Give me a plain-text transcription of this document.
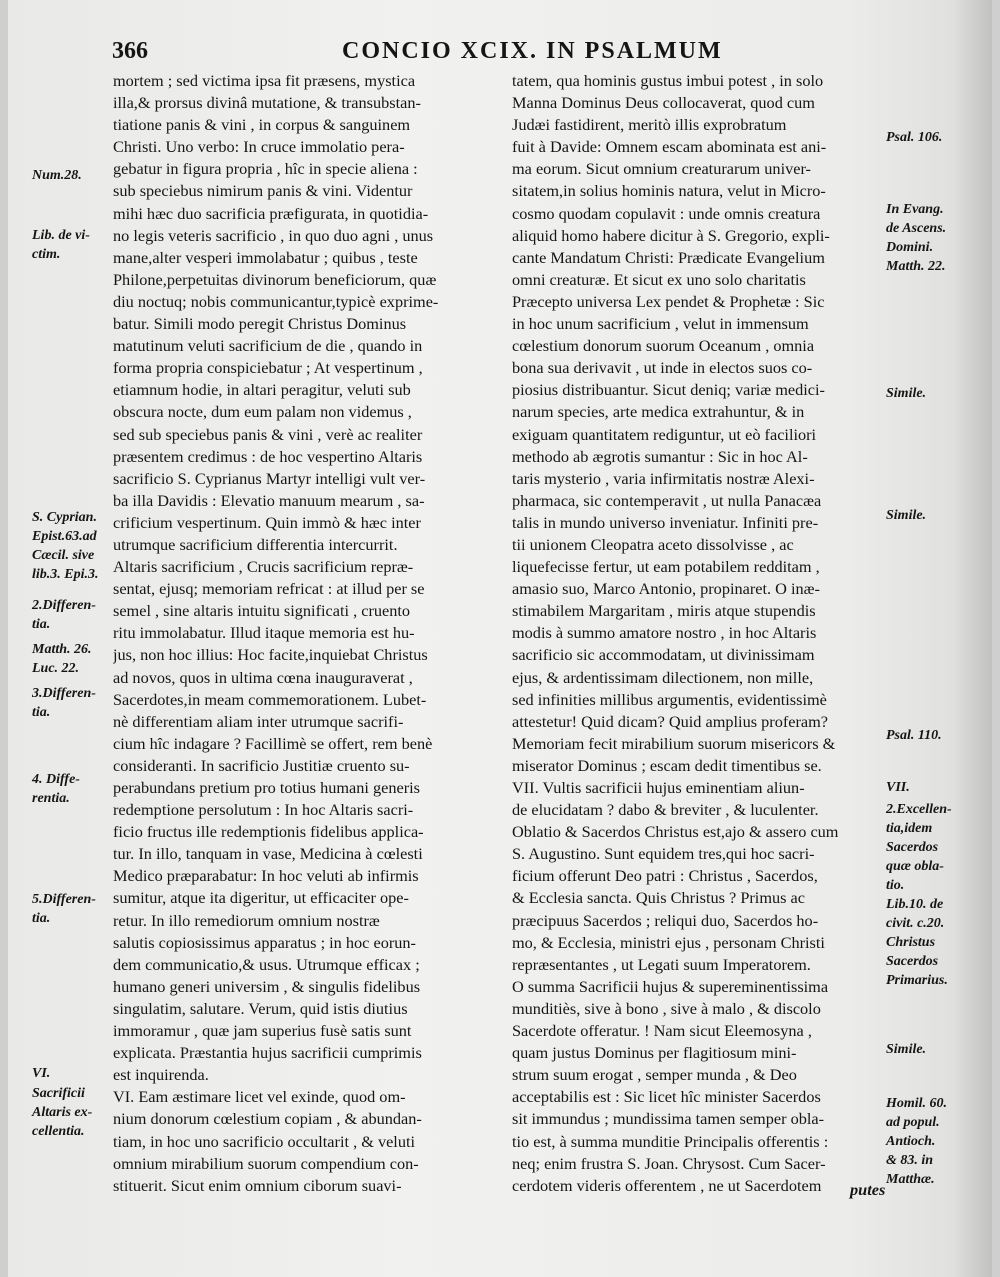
366	CONCIO XCIX. IN PSALMUM
mortem ; sed victima ipsa fit præsens, mystica
illa,& prorsus divinâ mutatione, & transubstan-
tiatione panis & vini , in corpus & sanguinem
Christi. Uno verbo: In cruce immolatio pera-
gebatur in figura propria , hîc in specie aliena :
sub speciebus nimirum panis & vini. Videntur
mihi hæc duo sacrificia præfigurata, in quotidia-
no legis veteris sacrificio , in quo duo agni , unus
mane,alter vesperi immolabatur ; quibus , teste
Philone,perpetuitas divinorum beneficiorum, quæ
diu noctuq; nobis communicantur,typicè exprime-
batur. Simili modo peregit Christus Dominus
matutinum veluti sacrificium de die , quando in
forma propria conspiciebatur ; At vespertinum ,
etiamnum hodie, in altari peragitur, veluti sub
obscura nocte, dum eum palam non videmus ,
sed sub speciebus panis & vini , verè ac realiter
præsentem credimus : de hoc vespertino Altaris
sacrificio S. Cyprianus Martyr intelligi vult ver-
ba illa Davidis : Elevatio manuum mearum , sa-
crificium vespertinum. Quin immò & hæc inter
utrumque sacrificium differentia intercurrit.
Altaris sacrificium , Crucis sacrificium repræ-
sentat, ejusq; memoriam refricat : at illud per se
semel , sine altaris intuitu significati , cruento
ritu immolabatur. Illud itaque memoria est hu-
jus, non hoc illius: Hoc facite,inquiebat Christus
ad novos, quos in ultima cœna inauguraverat ,
Sacerdotes,in meam commemorationem. Lubet-
nè differentiam aliam inter utrumque sacrifi-
cium hîc indagare ? Facillimè se offert, rem benè
consideranti. In sacrificio Justitiæ cruento su-
perabundans pretium pro totius humani generis
redemptione persolutum : In hoc Altaris sacri-
ficio fructus ille redemptionis fidelibus applica-
tur. In illo, tanquam in vase, Medicina à cœlesti
Medico præparabatur: In hoc veluti ab infirmis
sumitur, atque ita digeritur, ut efficaciter ope-
retur. In illo remediorum omnium nostræ
salutis copiosissimus apparatus ; in hoc eorun-
dem communicatio,& usus. Utrumque efficax ;
humano generi universim , & singulis fidelibus
singulatim, salutare. Verum, quid istis diutius
immoramur , quæ jam superius fusè satis sunt
explicata. Præstantia hujus sacrificii cumprimis
est inquirenda.
VI. Eam æstimare licet vel exinde, quod om-
nium donorum cœlestium copiam , & abundan-
tiam, in hoc uno sacrificio occultarit , & veluti
omnium mirabilium suorum compendium con-
stituerit. Sicut enim omnium ciborum suavi-
tatem, qua hominis gustus imbui potest , in solo
Manna Dominus Deus collocaverat, quod cum
Judæi fastidirent, meritò illis exprobratum
fuit à Davide: Omnem escam abominata est ani-
ma eorum. Sicut omnium creaturarum univer-
sitatem,in solius hominis natura, velut in Micro-
cosmo quodam copulavit : unde omnis creatura
aliquid homo habere dicitur à S. Gregorio, expli-
cante Mandatum Christi: Prædicate Evangelium
omni creaturæ. Et sicut ex uno solo charitatis
Præcepto universa Lex pendet & Prophetæ : Sic
in hoc unum sacrificium , velut in immensum
cœlestium donorum suorum Oceanum , omnia
bona sua derivavit , ut inde in electos suos co-
piosius distribuantur. Sicut deniq; variæ medici-
narum species, arte medica extrahuntur, & in
exiguam quantitatem rediguntur, ut eò faciliori
methodo ab ægrotis sumantur : Sic in hoc Al-
taris mysterio , varia infirmitatis nostræ Alexi-
pharmaca, sic contemperavit , ut nulla Panacæa
talis in mundo universo inveniatur. Infiniti pre-
tii unionem Cleopatra aceto dissolvisse , ac
liquefecisse fertur, ut eam potabilem redditam ,
amasio suo, Marco Antonio, propinaret. O inæ-
stimabilem Margaritam , miris atque stupendis
modis à summo amatore nostro , in hoc Altaris
sacrificio sic accommodatam, ut divinissimam
ejus, & ardentissimam dilectionem, non mille,
sed infinities millibus argumentis, evidentissimè
attestetur! Quid dicam? Quid amplius proferam?
Memoriam fecit mirabilium suorum misericors &
miserator Dominus ; escam dedit timentibus se.
VII. Vultis sacrificii hujus eminentiam aliun-
de elucidatam ? dabo & breviter , & luculenter.
Oblatio & Sacerdos Christus est,ajo & assero cum
S. Augustino. Sunt equidem tres,qui hoc sacri-
ficium offerunt Deo patri : Christus , Sacerdos,
& Ecclesia sancta. Quis Christus ? Primus ac
præcipuus Sacerdos ; reliqui duo, Sacerdos ho-
mo, & Ecclesia, ministri ejus , personam Christi
repræsentantes , ut Legati suum Imperatorem.
O summa Sacrificii hujus & supereminentissima
munditiès, sive à bono , sive à malo , & discolo
Sacerdote offeratur. ! Nam sicut Eleemosyna ,
quam justus Dominus per flagitiosum mini-
strum suum erogat , semper munda , & Deo
acceptabilis est : Sic licet hîc minister Sacerdos
sit immundus ; mundissima tamen semper obla-
tio est, à summa munditie Principalis offerentis :
neq; enim frustra S. Joan. Chrysost. Cum Sacer-
cerdotem videris offerentem , ne ut Sacerdotem
Num.28.
Lib. de vi-
ctim.
S. Cyprian.
Epist.63.ad
Cæcil. sive
lib.3. Epi.3.
2.Differen-
tia.
Matth. 26.
Luc. 22.
3.Differen-
tia.
4. Diffe-
rentia.
5.Differen-
tia.
VI.
Sacrificii
Altaris ex-
cellentia.
Psal. 106.
In Evang.
de Ascens.
Domini.
Matth. 22.
Simile.
Simile.
Psal. 110.
VII.
2.Excellen-
tia,idem
Sacerdos
quæ obla-
tio.
Lib.10. de
civit. c.20.
Christus
Sacerdos
Primarius.
Simile.
Homil. 60.
ad popul.
Antioch.
& 83. in
Matthæ.
putes
